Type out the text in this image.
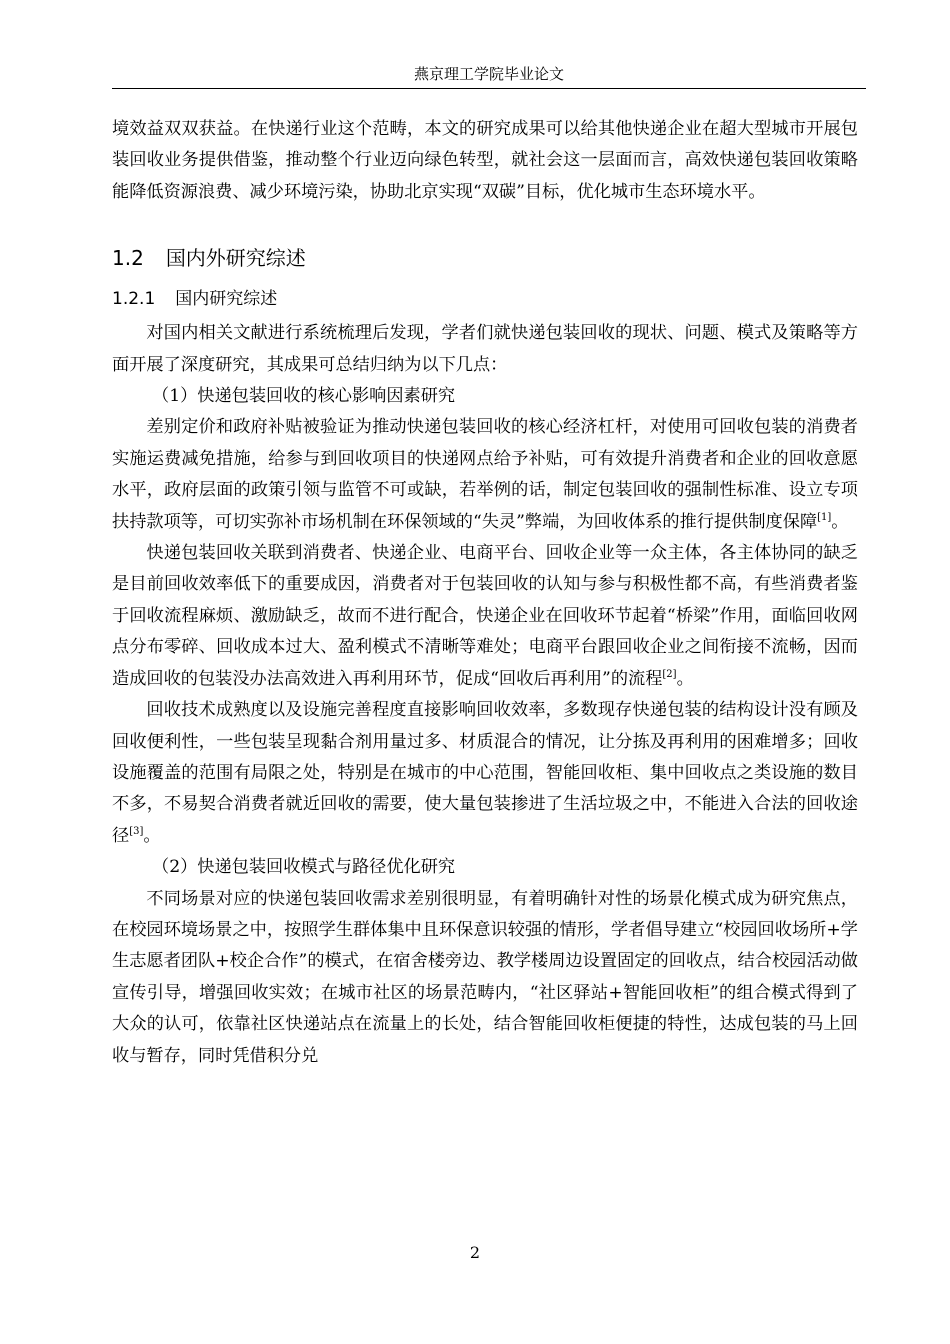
燕京理工学院毕业论文

境效益双双获益。在快递行业这个范畴，本文的研究成果可以给其他快递企业在超大型城市开展包装回收业务提供借鉴，推动整个行业迈向绿色转型，就社会这一层面而言，高效快递包装回收策略能降低资源浪费、减少环境污染，协助北京实现“双碳”目标，优化城市生态环境水平。

1.2 国内外研究综述
1.2.1 国内研究综述

对国内相关文献进行系统梳理后发现，学者们就快递包装回收的现状、问题、模式及策略等方面开展了深度研究，其成果可总结归纳为以下几点：

（1）快递包装回收的核心影响因素研究

差别定价和政府补贴被验证为推动快递包装回收的核心经济杠杆，对使用可回收包装的消费者实施运费减免措施，给参与到回收项目的快递网点给予补贴，可有效提升消费者和企业的回收意愿水平，政府层面的政策引领与监管不可或缺，若举例的话，制定包装回收的强制性标准、设立专项扶持款项等，可切实弥补市场机制在环保领域的“失灵”弊端，为回收体系的推行提供制度保障[1]。

快递包装回收关联到消费者、快递企业、电商平台、回收企业等一众主体，各主体协同的缺乏是目前回收效率低下的重要成因，消费者对于包装回收的认知与参与积极性都不高，有些消费者鉴于回收流程麻烦、激励缺乏，故而不进行配合，快递企业在回收环节起着“桥梁”作用，面临回收网点分布零碎、回收成本过大、盈利模式不清晰等难处；电商平台跟回收企业之间衔接不流畅，因而造成回收的包装没办法高效进入再利用环节，促成“回收后再利用”的流程[2]。

回收技术成熟度以及设施完善程度直接影响回收效率，多数现存快递包装的结构设计没有顾及回收便利性，一些包装呈现黏合剂用量过多、材质混合的情况，让分拣及再利用的困难增多；回收设施覆盖的范围有局限之处，特别是在城市的中心范围，智能回收柜、集中回收点之类设施的数目不多，不易契合消费者就近回收的需要，使大量包装掺进了生活垃圾之中，不能进入合法的回收途径[3]。

（2）快递包装回收模式与路径优化研究

不同场景对应的快递包装回收需求差别很明显，有着明确针对性的场景化模式成为研究焦点，在校园环境场景之中，按照学生群体集中且环保意识较强的情形，学者倡导建立“校园回收场所+学生志愿者团队+校企合作”的模式，在宿舍楼旁边、教学楼周边设置固定的回收点，结合校园活动做宣传引导，增强回收实效；在城市社区的场景范畴内，“社区驿站+智能回收柜”的组合模式得到了大众的认可，依靠社区快递站点在流量上的长处，结合智能回收柜便捷的特性，达成包装的马上回收与暂存，同时凭借积分兑

2
